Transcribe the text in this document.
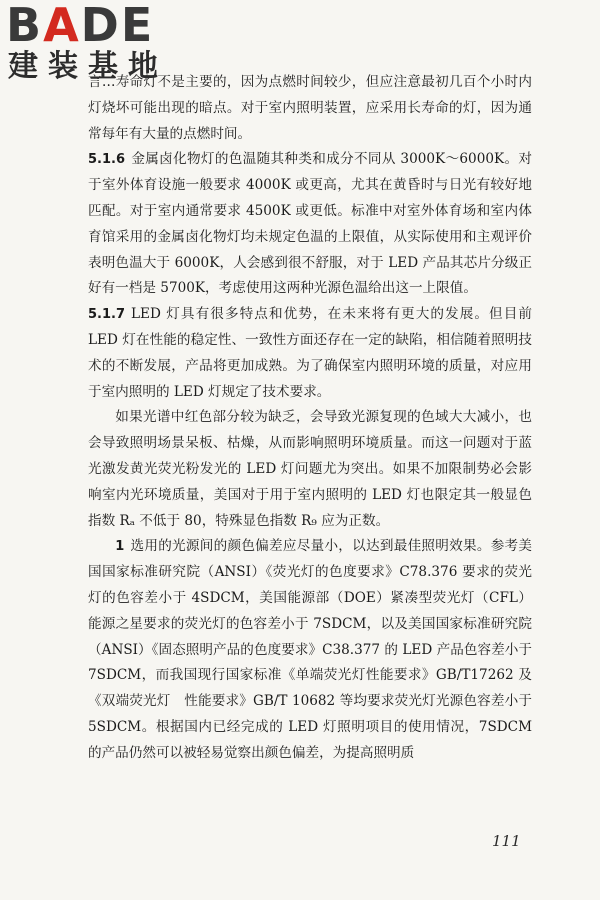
BADE
建装基地

言…寿命灯不是主要的，因为点燃时间较少，但应注意最初几百个小时内灯烧坏可能出现的暗点。对于室内照明装置，应采用长寿命的灯，因为通常每年有大量的点燃时间。

5.1.6 金属卤化物灯的色温随其种类和成分不同从 3000K～6000K。对于室外体育设施一般要求 4000K 或更高，尤其在黄昏时与日光有较好地匹配。对于室内通常要求 4500K 或更低。标准中对室外体育场和室内体育馆采用的金属卤化物灯均未规定色温的上限值，从实际使用和主观评价表明色温大于 6000K，人会感到很不舒服，对于 LED 产品其芯片分级正好有一档是 5700K，考虑使用这两种光源色温给出这一上限值。

5.1.7 LED 灯具有很多特点和优势，在未来将有更大的发展。但目前 LED 灯在性能的稳定性、一致性方面还存在一定的缺陷，相信随着照明技术的不断发展，产品将更加成熟。为了确保室内照明环境的质量，对应用于室内照明的 LED 灯规定了技术要求。

如果光谱中红色部分较为缺乏，会导致光源复现的色域大大减小，也会导致照明场景呆板、枯燥，从而影响照明环境质量。而这一问题对于蓝光激发黄光荧光粉发光的 LED 灯问题尤为突出。如果不加限制势必会影响室内光环境质量，美国对于用于室内照明的 LED 灯也限定其一般显色指数 Rₐ 不低于 80，特殊显色指数 R₉ 应为正数。

1 选用的光源间的颜色偏差应尽量小，以达到最佳照明效果。参考美国国家标准研究院（ANSI）《荧光灯的色度要求》C78.376 要求的荧光灯的色容差小于 4SDCM，美国能源部（DOE）紧凑型荧光灯（CFL）能源之星要求的荧光灯的色容差小于 7SDCM，以及美国国家标准研究院（ANSI）《固态照明产品的色度要求》C38.377 的 LED 产品色容差小于 7SDCM，而我国现行国家标准《单端荧光灯性能要求》GB/T17262 及《双端荧光灯　性能要求》GB/T 10682 等均要求荧光灯光源色容差小于 5SDCM。根据国内已经完成的 LED 灯照明项目的使用情况，7SDCM 的产品仍然可以被轻易觉察出颜色偏差，为提高照明质

111
